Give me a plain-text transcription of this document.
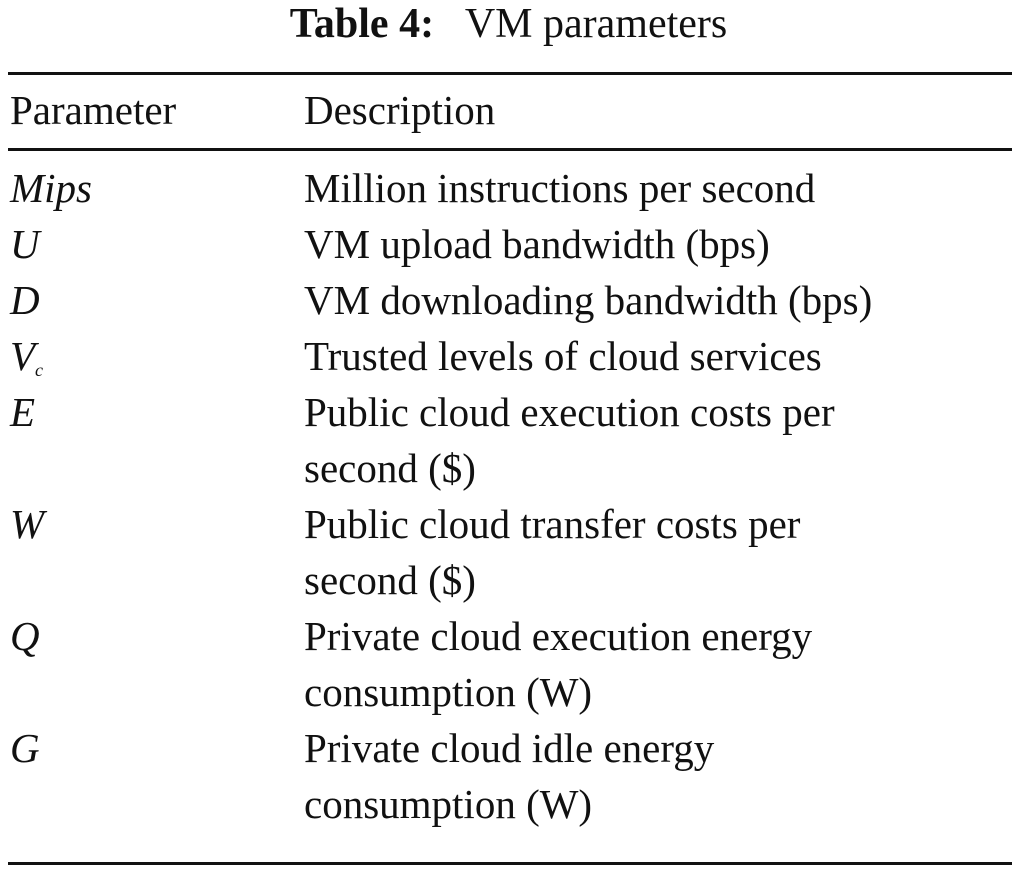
Table 4: VM parameters
Parameter	Description
Mips	Million instructions per second
U	VM upload bandwidth (bps)
D	VM downloading bandwidth (bps)
$V_c$	Trusted levels of cloud services
E	Public cloud execution costs per
second ($)
W	Public cloud transfer costs per
second ($)
Q	Private cloud execution energy
consumption (W)
G	Private cloud idle energy
consumption (W)
